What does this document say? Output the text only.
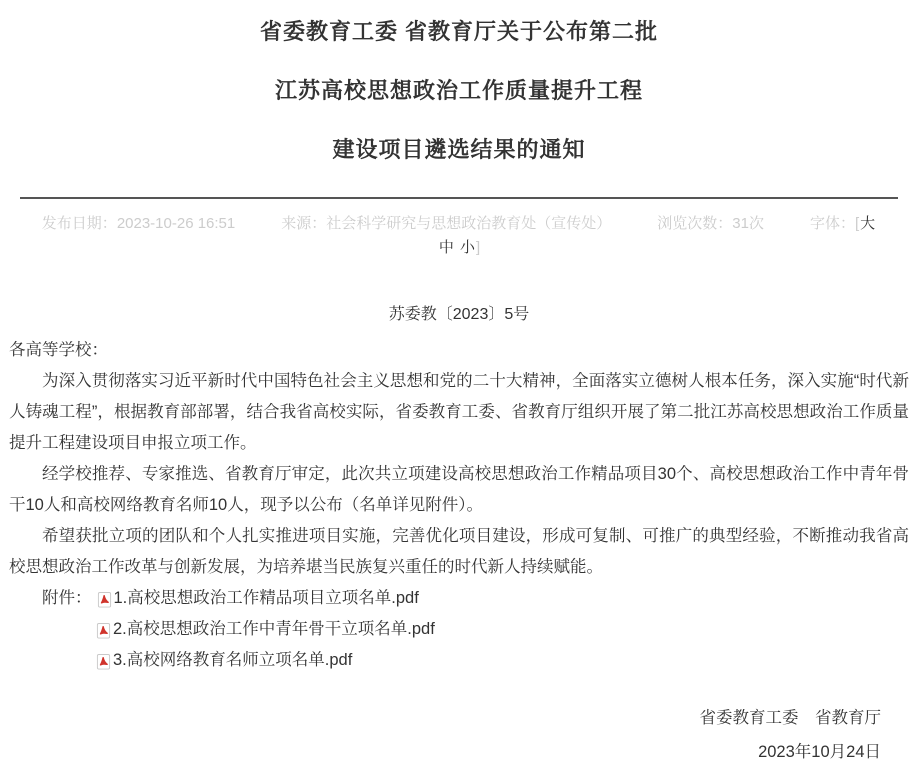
省委教育工委 省教育厅关于公布第二批
江苏高校思想政治工作质量提升工程
建设项目遴选结果的通知
发布日期：2023-10-26 16:51	来源：社会科学研究与思想政治教育处（宣传处）	浏览次数：31次	字体：[大
中 小]
苏委教〔2023〕5号
各高等学校：

为深入贯彻落实习近平新时代中国特色社会主义思想和党的二十大精神，全面落实立德树人根本任务，深入实施“时代新人铸魂工程”，根据教育部部署，结合我省高校实际，省委教育工委、省教育厅组织开展了第二批江苏高校思想政治工作质量提升工程建设项目申报立项工作。

经学校推荐、专家推选、省教育厅审定，此次共立项建设高校思想政治工作精品项目30个、高校思想政治工作中青年骨干10人和高校网络教育名师10人，现予以公布（名单详见附件）。

希望获批立项的团队和个人扎实推进项目实施，完善优化项目建设，形成可复制、可推广的典型经验，不断推动我省高校思想政治工作改革与创新发展，为培养堪当民族复兴重任的时代新人持续赋能。

附件： 1.高校思想政治工作精品项目立项名单.pdf
2.高校思想政治工作中青年骨干立项名单.pdf
3.高校网络教育名师立项名单.pdf
省委教育工委　省教育厅
2023年10月24日
